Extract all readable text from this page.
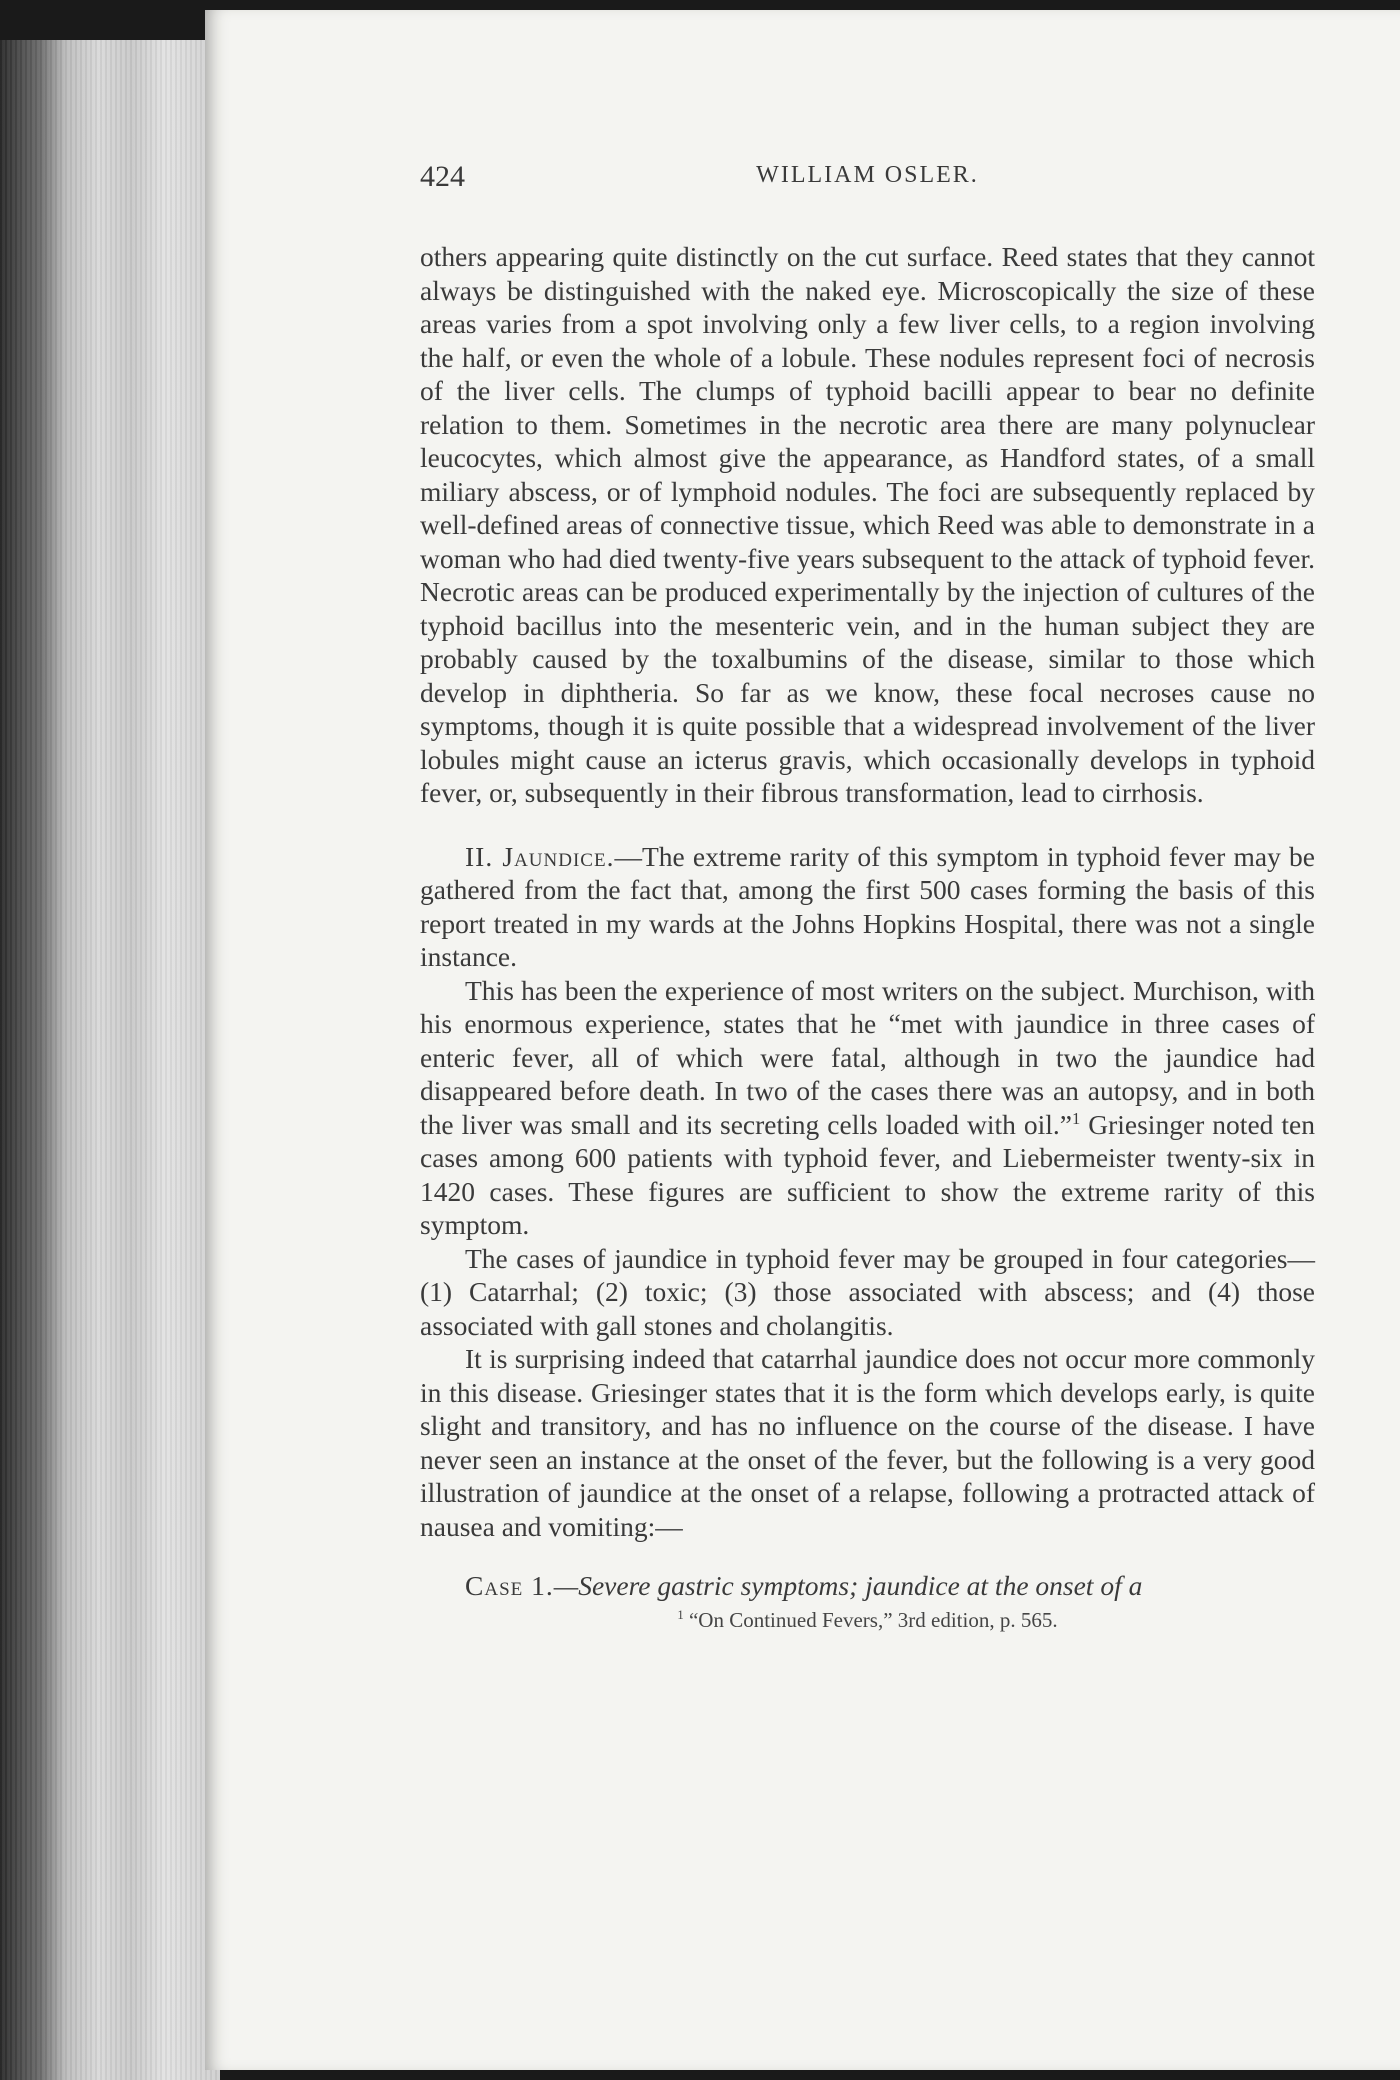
424	WILLIAM OSLER.

others appearing quite distinctly on the cut surface. Reed states that they cannot always be distinguished with the naked eye. Microscopically the size of these areas varies from a spot involving only a few liver cells, to a region involving the half, or even the whole of a lobule. These nodules represent foci of necrosis of the liver cells. The clumps of typhoid bacilli appear to bear no definite relation to them. Sometimes in the necrotic area there are many polynuclear leucocytes, which almost give the appearance, as Handford states, of a small miliary abscess, or of lymphoid nodules. The foci are subsequently replaced by well-defined areas of connective tissue, which Reed was able to demonstrate in a woman who had died twenty-five years subsequent to the attack of typhoid fever. Necrotic areas can be produced experimentally by the injection of cultures of the typhoid bacillus into the mesenteric vein, and in the human subject they are probably caused by the toxalbumins of the disease, similar to those which develop in diphtheria. So far as we know, these focal necroses cause no symptoms, though it is quite possible that a widespread involvement of the liver lobules might cause an icterus gravis, which occasionally develops in typhoid fever, or, subsequently in their fibrous transformation, lead to cirrhosis.

II. Jaundice.—The extreme rarity of this symptom in typhoid fever may be gathered from the fact that, among the first 500 cases forming the basis of this report treated in my wards at the Johns Hopkins Hospital, there was not a single instance.

This has been the experience of most writers on the subject. Murchison, with his enormous experience, states that he “met with jaundice in three cases of enteric fever, all of which were fatal, although in two the jaundice had disappeared before death. In two of the cases there was an autopsy, and in both the liver was small and its secreting cells loaded with oil.”$^1$ Griesinger noted ten cases among 600 patients with typhoid fever, and Liebermeister twenty-six in 1420 cases. These figures are sufficient to show the extreme rarity of this symptom.

The cases of jaundice in typhoid fever may be grouped in four categories—(1) Catarrhal; (2) toxic; (3) those associated with abscess; and (4) those associated with gall stones and cholangitis.

It is surprising indeed that catarrhal jaundice does not occur more commonly in this disease. Griesinger states that it is the form which develops early, is quite slight and transitory, and has no influence on the course of the disease. I have never seen an instance at the onset of the fever, but the following is a very good illustration of jaundice at the onset of a relapse, following a protracted attack of nausea and vomiting:—

Case 1.—Severe gastric symptoms; jaundice at the onset of a
$^1$ “On Continued Fevers,” 3rd edition, p. 565.
